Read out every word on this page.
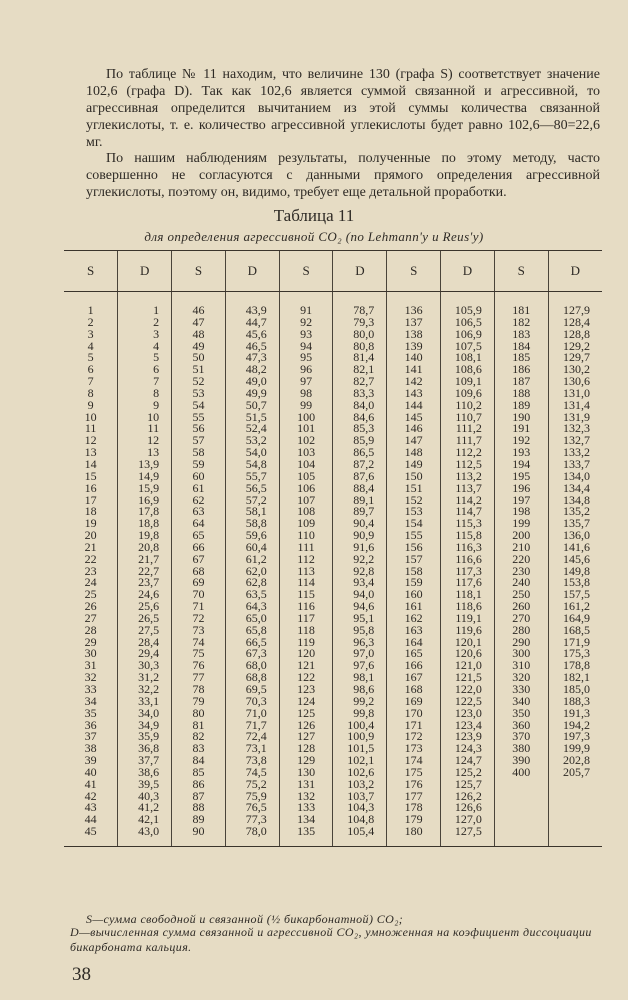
По таблице № 11 находим, что величине 130 (графа S) соответствует значение 102,6 (графа D). Так как 102,6 является суммой связанной и агрессивной, то агрессивная определится вычитанием из этой суммы количества связанной углекислоты, т. е. количество агрессивной углекислоты будет равно 102,6—80=22,6 мг.

По нашим наблюдениям результаты, полученные по этому методу, часто совершенно не согласуются с данными прямого определения агрессивной углекислоты, поэтому он, видимо, требует еще детальной проработки.

Таблица 11

для определения агрессивной CO₂ (по Lehmann'у и Reus'у)

S	D	S	D	S	D	S	D	S	D
1	1	46	43,9	91	78,7	136	105,9	181	127,9
2	2	47	44,7	92	79,3	137	106,5	182	128,4
3	3	48	45,6	93	80,0	138	106,9	183	128,8
4	4	49	46,5	94	80,8	139	107,5	184	129,2
5	5	50	47,3	95	81,4	140	108,1	185	129,7
6	6	51	48,2	96	82,1	141	108,6	186	130,2
7	7	52	49,0	97	82,7	142	109,1	187	130,6
8	8	53	49,9	98	83,3	143	109,6	188	131,0
9	9	54	50,7	99	84,0	144	110,2	189	131,4
10	10	55	51,5	100	84,6	145	110,7	190	131,9
11	11	56	52,4	101	85,3	146	111,2	191	132,3
12	12	57	53,2	102	85,9	147	111,7	192	132,7
13	13	58	54,0	103	86,5	148	112,2	193	133,2
14	13,9	59	54,8	104	87,2	149	112,5	194	133,7
15	14,9	60	55,7	105	87,6	150	113,2	195	134,0
16	15,9	61	56,5	106	88,4	151	113,7	196	134,4
17	16,9	62	57,2	107	89,1	152	114,2	197	134,8
18	17,8	63	58,1	108	89,7	153	114,7	198	135,2
19	18,8	64	58,8	109	90,4	154	115,3	199	135,7
20	19,8	65	59,6	110	90,9	155	115,8	200	136,0
21	20,8	66	60,4	111	91,6	156	116,3	210	141,6
22	21,7	67	61,2	112	92,2	157	116,6	220	145,6
23	22,7	68	62,0	113	92,8	158	117,3	230	149,8
24	23,7	69	62,8	114	93,4	159	117,6	240	153,8
25	24,6	70	63,5	115	94,0	160	118,1	250	157,5
26	25,6	71	64,3	116	94,6	161	118,6	260	161,2
27	26,5	72	65,0	117	95,1	162	119,1	270	164,9
28	27,5	73	65,8	118	95,8	163	119,6	280	168,5
29	28,4	74	66,5	119	96,3	164	120,1	290	171,9
30	29,4	75	67,3	120	97,0	165	120,6	300	175,3
31	30,3	76	68,0	121	97,6	166	121,0	310	178,8
32	31,2	77	68,8	122	98,1	167	121,5	320	182,1
33	32,2	78	69,5	123	98,6	168	122,0	330	185,0
34	33,1	79	70,3	124	99,2	169	122,5	340	188,3
35	34,0	80	71,0	125	99,8	170	123,0	350	191,3
36	34,9	81	71,7	126	100,4	171	123,4	360	194,2
37	35,9	82	72,4	127	100,9	172	123,9	370	197,3
38	36,8	83	73,1	128	101,5	173	124,3	380	199,9
39	37,7	84	73,8	129	102,1	174	124,7	390	202,8
40	38,6	85	74,5	130	102,6	175	125,2	400	205,7
41	39,5	86	75,2	131	103,2	176	125,7		
42	40,3	87	75,9	132	103,7	177	126,2		
43	41,2	88	76,5	133	104,3	178	126,6		
44	42,1	89	77,3	134	104,8	179	127,0		
45	43,0	90	78,0	135	105,4	180	127,5		

S—сумма свободной и связанной (½ бикарбонатной) CO₂;

D—вычисленная сумма связанной и агрессивной CO₂, умноженная на коэфициент диссоциации бикарбоната кальция.

38
